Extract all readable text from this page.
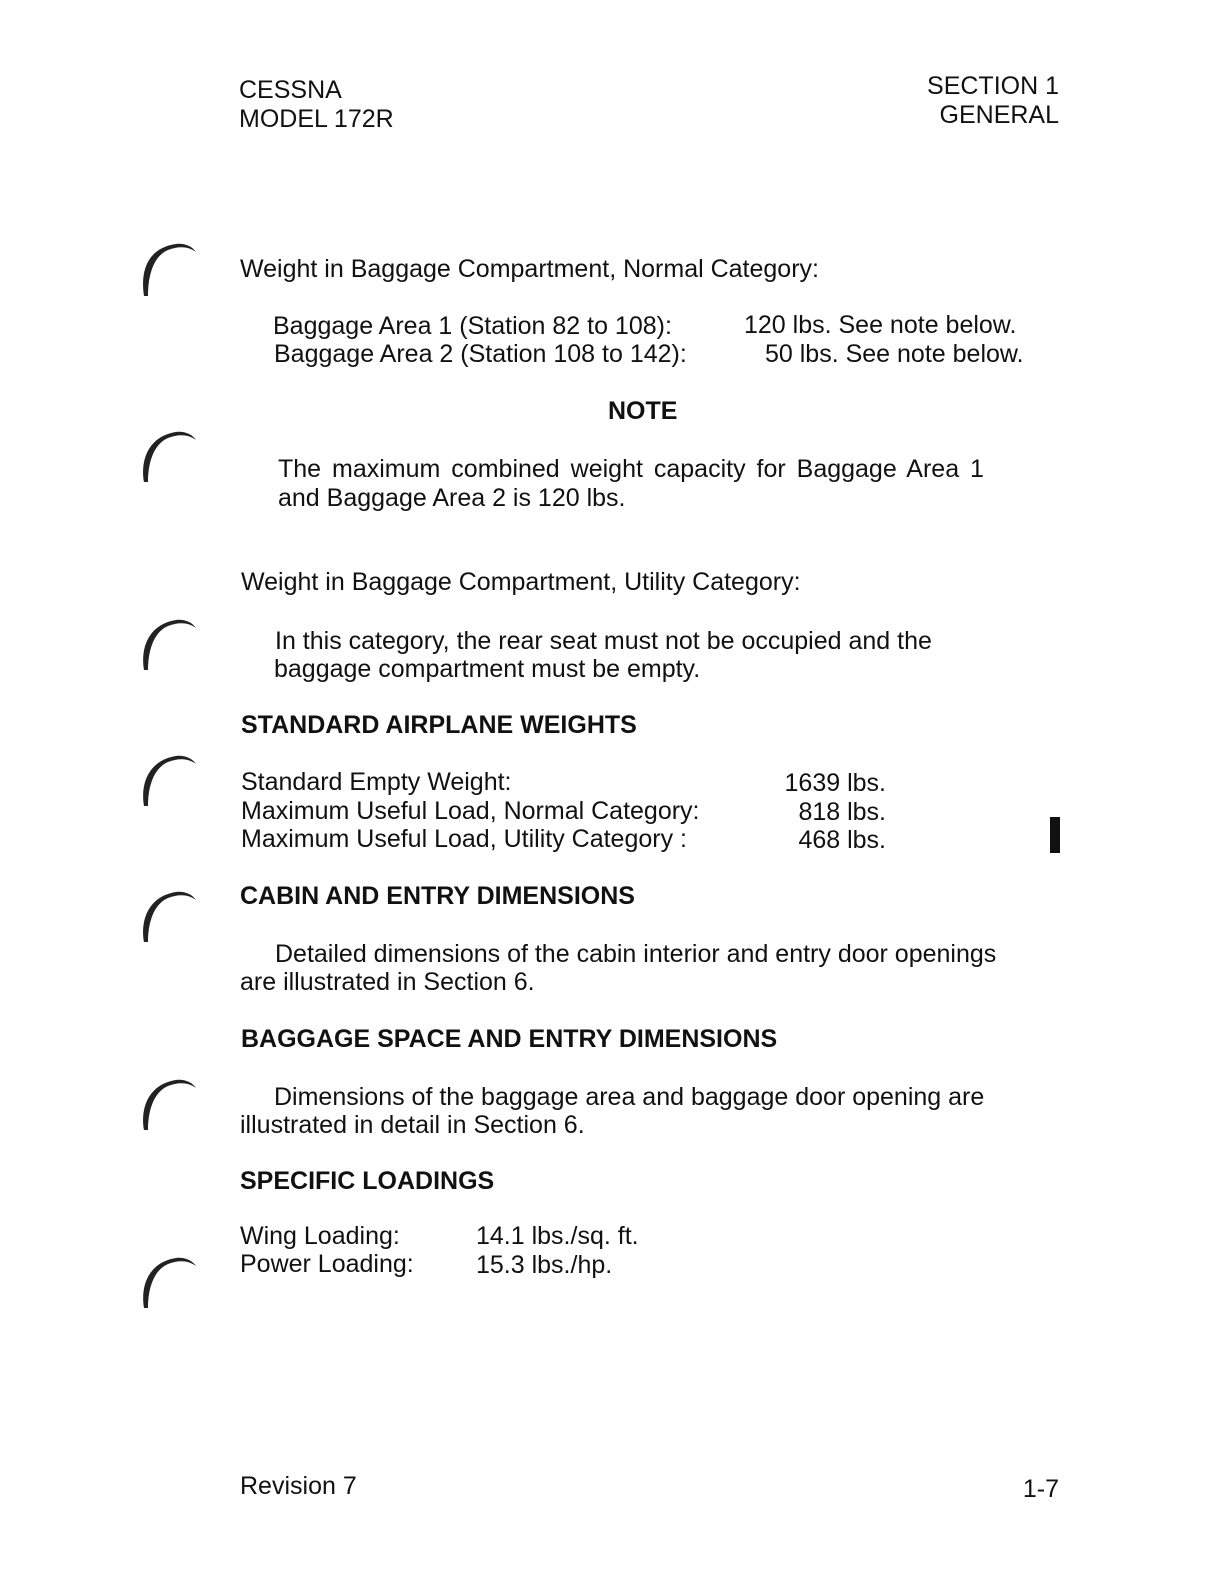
CESSNA
MODEL 172R
SECTION 1
GENERAL
Weight in Baggage Compartment, Normal Category:
Baggage Area 1 (Station 82 to 108):	120 lbs. See note below.
Baggage Area 2 (Station 108 to 142):	50 lbs. See note below.
NOTE
The maximum combined weight capacity for Baggage Area 1
and Baggage Area 2 is 120 lbs.
Weight in Baggage Compartment, Utility Category:
In this category, the rear seat must not be occupied and the
baggage compartment must be empty.
STANDARD AIRPLANE WEIGHTS
Standard Empty Weight:	1639 lbs.
Maximum Useful Load, Normal Category:	818 lbs.
Maximum Useful Load, Utility Category :	468 lbs.
CABIN AND ENTRY DIMENSIONS
Detailed dimensions of the cabin interior and entry door openings
are illustrated in Section 6.
BAGGAGE SPACE AND ENTRY DIMENSIONS
Dimensions of the baggage area and baggage door opening are
illustrated in detail in Section 6.
SPECIFIC LOADINGS
Wing Loading:	14.1 lbs./sq. ft.
Power Loading: 15.3 lbs./hp.
Revision 7	1-7
